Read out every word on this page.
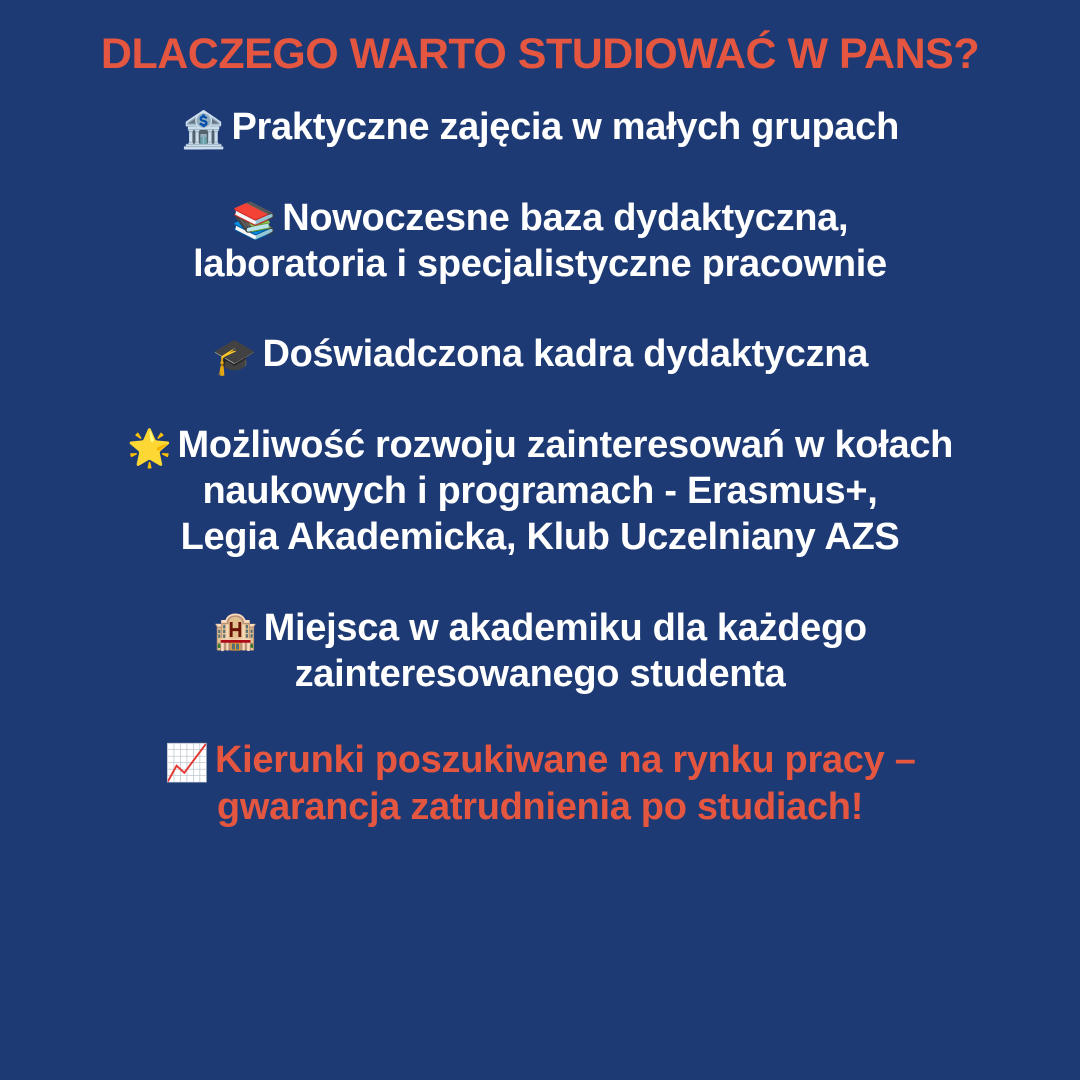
DLACZEGO WARTO STUDIOWAĆ W PANS?
🏦 Praktyczne zajęcia w małych grupach
📚 Nowoczesne baza dydaktyczna,
laboratoria i specjalistyczne pracownie
🎓 Doświadczona kadra dydaktyczna
🌟 Możliwość rozwoju zainteresowań w kołach
naukowych i programach - Erasmus+,
Legia Akademicka, Klub Uczelniany AZS
🏨 Miejsca w akademiku dla każdego
zainteresowanego studenta
📈 Kierunki poszukiwane na rynku pracy –
gwarancja zatrudnienia po studiach!
